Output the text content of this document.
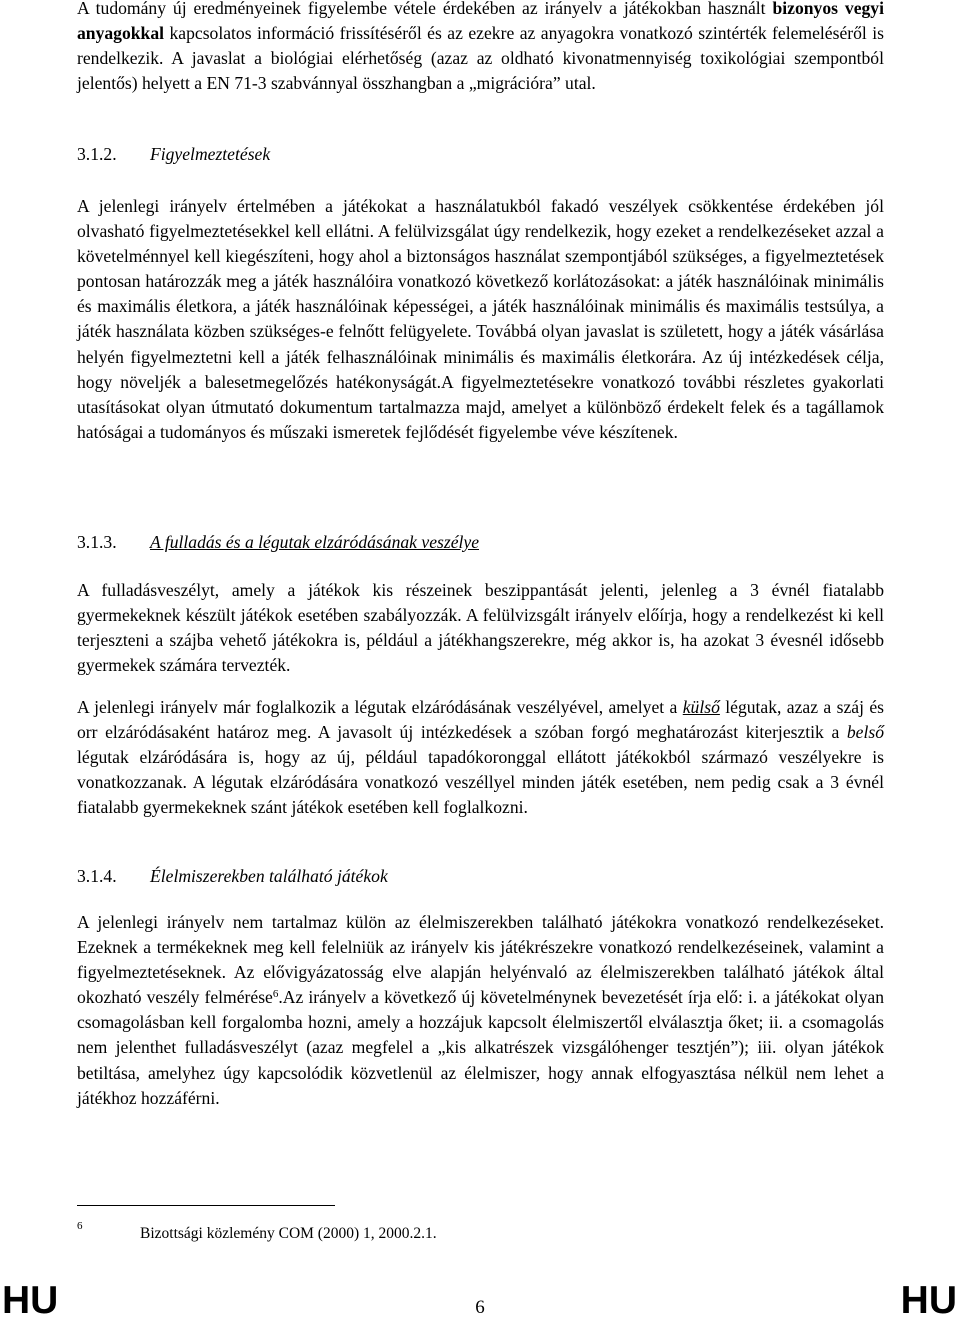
A tudomány új eredményeinek figyelembe vétele érdekében az irányelv a játékokban használt bizonyos vegyi anyagokkal kapcsolatos információ frissítéséről és az ezekre az anyagokra vonatkozó szintérték felemeléséről is rendelkezik. A javaslat a biológiai elérhetőség (azaz az oldható kivonatmennyiség toxikológiai szempontból jelentős) helyett a EN 71-3 szabvánnyal összhangban a „migrációra” utal.

3.1.2. Figyelmeztetések

A jelenlegi irányelv értelmében a játékokat a használatukból fakadó veszélyek csökkentése érdekében jól olvasható figyelmeztetésekkel kell ellátni. A felülvizsgálat úgy rendelkezik, hogy ezeket a rendelkezéseket azzal a követelménnyel kell kiegészíteni, hogy ahol a biztonságos használat szempontjából szükséges, a figyelmeztetések pontosan határozzák meg a játék használóira vonatkozó következő korlátozásokat: a játék használóinak minimális és maximális életkora, a játék használóinak képességei, a játék használóinak minimális és maximális testsúlya, a játék használata közben szükséges-e felnőtt felügyelete. Továbbá olyan javaslat is született, hogy a játék vásárlása helyén figyelmeztetni kell a játék felhasználóinak minimális és maximális életkorára. Az új intézkedések célja, hogy növeljék a balesetmegelőzés hatékonyságát.A figyelmeztetésekre vonatkozó további részletes gyakorlati utasításokat olyan útmutató dokumentum tartalmazza majd, amelyet a különböző érdekelt felek és a tagállamok hatóságai a tudományos és műszaki ismeretek fejlődését figyelembe véve készítenek.

3.1.3. A fulladás és a légutak elzáródásának veszélye

A fulladásveszélyt, amely a játékok kis részeinek beszippantását jelenti, jelenleg a 3 évnél fiatalabb gyermekeknek készült játékok esetében szabályozzák. A felülvizsgált irányelv előírja, hogy a rendelkezést ki kell terjeszteni a szájba vehető játékokra is, például a játékhangszerekre, még akkor is, ha azokat 3 évesnél idősebb gyermekek számára tervezték.

A jelenlegi irányelv már foglalkozik a légutak elzáródásának veszélyével, amelyet a külső légutak, azaz a száj és orr elzáródásaként határoz meg. A javasolt új intézkedések a szóban forgó meghatározást kiterjesztik a belső légutak elzáródására is, hogy az új, például tapadókoronggal ellátott játékokból származó veszélyekre is vonatkozzanak. A légutak elzáródására vonatkozó veszéllyel minden játék esetében, nem pedig csak a 3 évnél fiatalabb gyermekeknek szánt játékok esetében kell foglalkozni.

3.1.4. Élelmiszerekben található játékok

A jelenlegi irányelv nem tartalmaz külön az élelmiszerekben található játékokra vonatkozó rendelkezéseket. Ezeknek a termékeknek meg kell felelniük az irányelv kis játékrészekre vonatkozó rendelkezéseinek, valamint a figyelmeztetéseknek. Az elővigyázatosság elve alapján helyénvaló az élelmiszerekben található játékok által okozható veszély felmérése$^6$.Az irányelv a következő új követelménynek bevezetését írja elő: i. a játékokat olyan csomagolásban kell forgalomba hozni, amely a hozzájuk kapcsolt élelmiszertől elválasztja őket; ii. a csomagolás nem jelenthet fulladásveszélyt (azaz megfelel a „kis alkatrészek vizsgálóhenger tesztjén”); iii. olyan játékok betiltása, amelyhez úgy kapcsolódik közvetlenül az élelmiszer, hogy annak elfogyasztása nélkül nem lehet a játékhoz hozzáférni.

6	Bizottsági közlemény COM (2000) 1, 2000.2.1.
HU	6	HU
